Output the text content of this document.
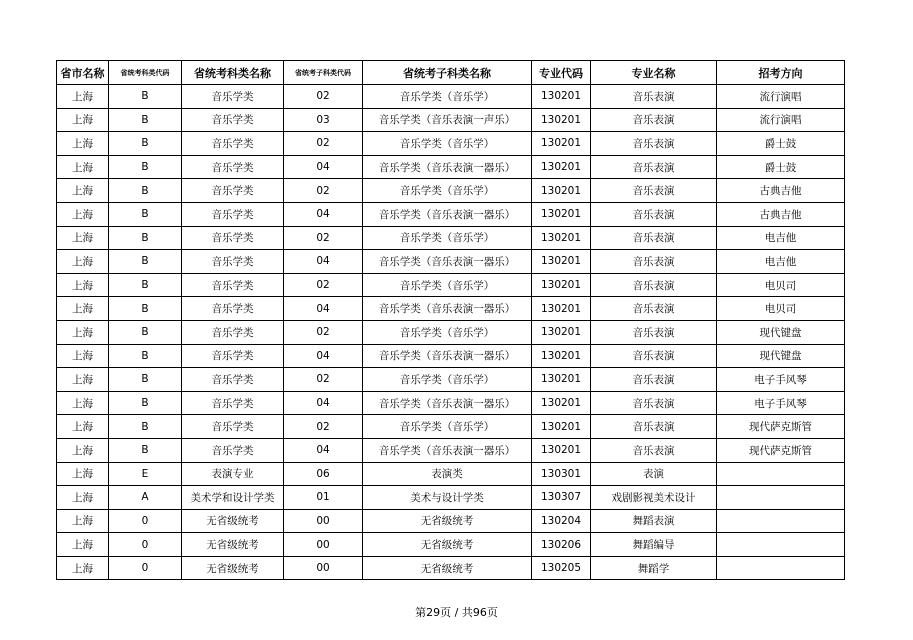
省市名称	省统考科类代码	省统考科类名称	省统考子科类代码	省统考子科类名称	专业代码	专业名称	招考方向
上海	B	音乐学类	02	音乐学类（音乐学）	130201	音乐表演	流行演唱
上海	B	音乐学类	03	音乐学类（音乐表演一声乐）	130201	音乐表演	流行演唱
上海	B	音乐学类	02	音乐学类（音乐学）	130201	音乐表演	爵士鼓
上海	B	音乐学类	04	音乐学类（音乐表演一器乐）	130201	音乐表演	爵士鼓
上海	B	音乐学类	02	音乐学类（音乐学）	130201	音乐表演	古典吉他
上海	B	音乐学类	04	音乐学类（音乐表演一器乐）	130201	音乐表演	古典吉他
上海	B	音乐学类	02	音乐学类（音乐学）	130201	音乐表演	电吉他
上海	B	音乐学类	04	音乐学类（音乐表演一器乐）	130201	音乐表演	电吉他
上海	B	音乐学类	02	音乐学类（音乐学）	130201	音乐表演	电贝司
上海	B	音乐学类	04	音乐学类（音乐表演一器乐）	130201	音乐表演	电贝司
上海	B	音乐学类	02	音乐学类（音乐学）	130201	音乐表演	现代键盘
上海	B	音乐学类	04	音乐学类（音乐表演一器乐）	130201	音乐表演	现代键盘
上海	B	音乐学类	02	音乐学类（音乐学）	130201	音乐表演	电子手风琴
上海	B	音乐学类	04	音乐学类（音乐表演一器乐）	130201	音乐表演	电子手风琴
上海	B	音乐学类	02	音乐学类（音乐学）	130201	音乐表演	现代萨克斯管
上海	B	音乐学类	04	音乐学类（音乐表演一器乐）	130201	音乐表演	现代萨克斯管
上海	E	表演专业	06	表演类	130301	表演	
上海	A	美术学和设计学类	01	美术与设计学类	130307	戏剧影视美术设计	
上海	0	无省级统考	00	无省级统考	130204	舞蹈表演	
上海	0	无省级统考	00	无省级统考	130206	舞蹈编导	
上海	0	无省级统考	00	无省级统考	130205	舞蹈学	
第29页 / 共96页
